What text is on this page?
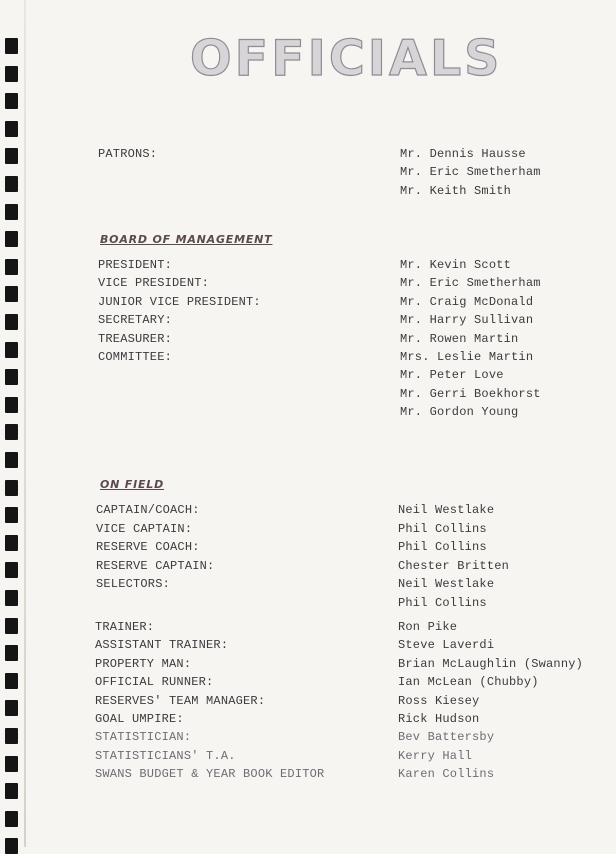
OFFICIALS
PATRONS:	Mr. Dennis Hausse
Mr. Eric Smetherham
Mr. Keith Smith
BOARD OF MANAGEMENT
PRESIDENT:	Mr. Kevin Scott
VICE PRESIDENT:	Mr. Eric Smetherham
JUNIOR VICE PRESIDENT:	Mr. Craig McDonald
SECRETARY:	Mr. Harry Sullivan
TREASURER:	Mr. Rowen Martin
COMMITTEE:	Mrs. Leslie Martin
Mr. Peter Love
Mr. Gerri Boekhorst
Mr. Gordon Young
ON FIELD
CAPTAIN/COACH:	Neil Westlake
VICE CAPTAIN:	Phil Collins
RESERVE COACH:	Phil Collins
RESERVE CAPTAIN:	Chester Britten
SELECTORS:	Neil Westlake
Phil Collins
TRAINER:	Ron Pike
ASSISTANT TRAINER:	Steve Laverdi
PROPERTY MAN:	Brian McLaughlin (Swanny)
OFFICIAL RUNNER:	Ian McLean (Chubby)
RESERVES' TEAM MANAGER:	Ross Kiesey
GOAL UMPIRE:	Rick Hudson
STATISTICIAN:	Bev Battersby
STATISTICIANS' T.A.	Kerry Hall
SWANS BUDGET & YEAR BOOK EDITOR	Karen Collins
